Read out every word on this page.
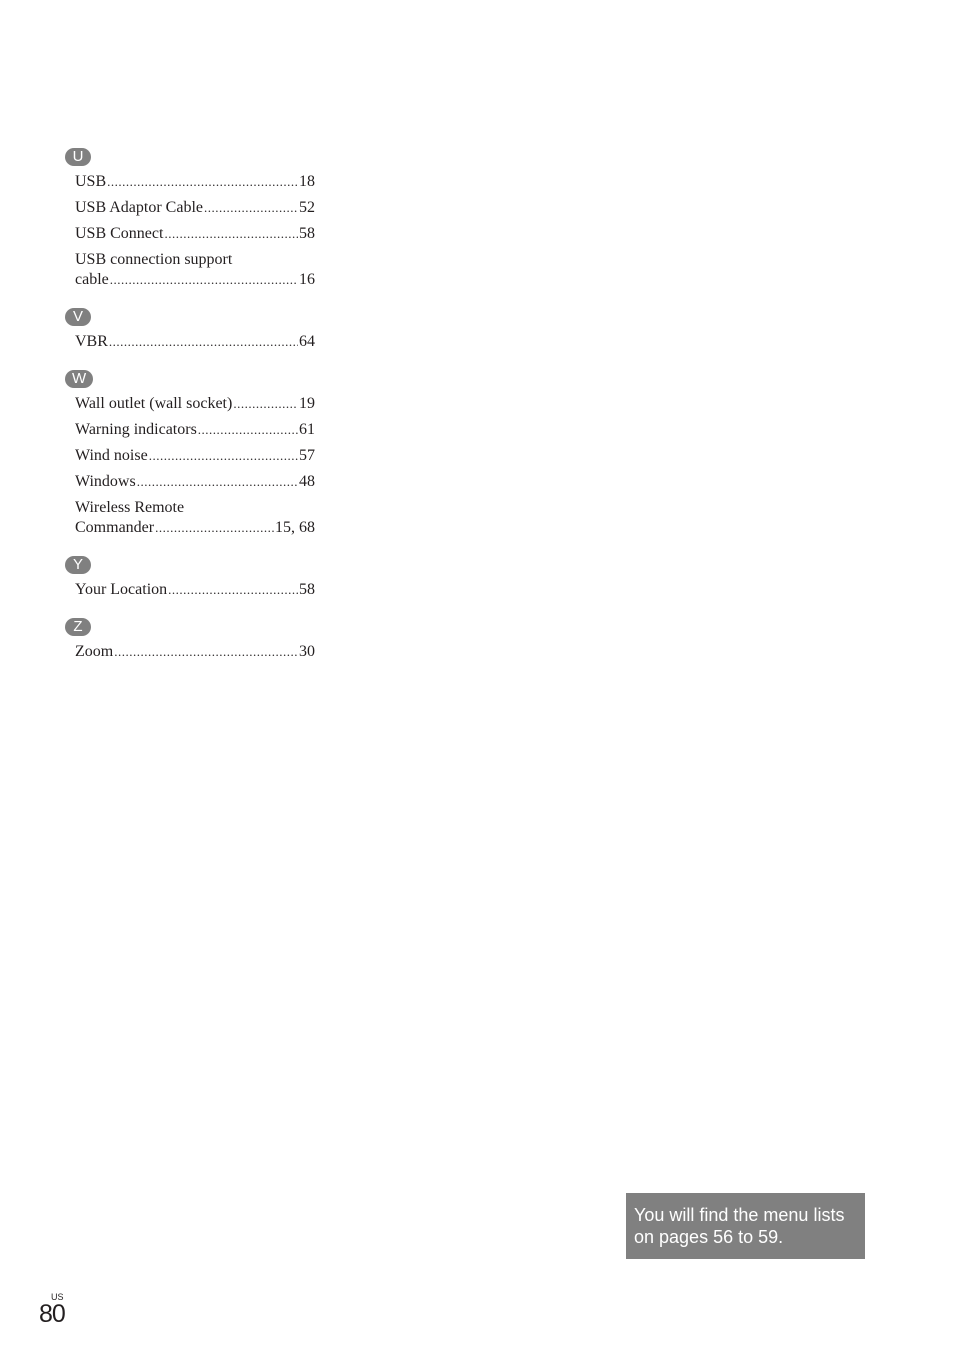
U
USB .....	18
USB Adaptor Cable .....	52
USB Connect .....	58
USB connection support
cable .....	16
V
VBR .....	64
W
Wall outlet (wall socket) .....	19
Warning indicators .....	61
Wind noise .....	57
Windows .....	48
Wireless Remote
Commander .....	15, 68
Y
Your Location .....	58
Z
Zoom .....	30
You will find the menu lists on pages 56 to 59.
US
80
